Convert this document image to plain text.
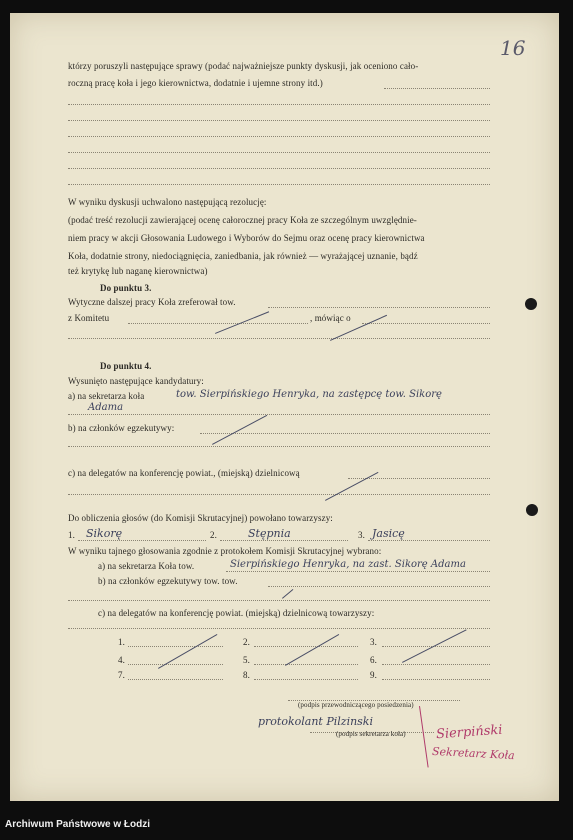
16
którzy poruszyli następujące sprawy (podać najważniejsze punkty dyskusji, jak oceniono cało-
roczną pracę koła i jego kierownictwa, dodatnie i ujemne strony itd.)
W wyniku dyskusji uchwalono następującą rezolucję:
(podać treść rezolucji zawierającej ocenę całorocznej pracy Koła ze szczególnym uwzględnie-
niem pracy w akcji Głosowania Ludowego i Wyborów do Sejmu oraz ocenę pracy kierownictwa
Koła, dodatnie strony, niedociągnięcia, zaniedbania, jak również — wyrażającej uznanie, bądź
też krytykę lub naganę kierownictwa)
Do punktu 3.
Wytyczne dalszej pracy Koła zreferował tow.
z Komitetu	, mówiąc o
Do punktu 4.
Wysunięto następujące kandydatury:
a) na sekretarza koła	tow. Sierpińskiego Henryka, na zastępcę tow. Sikorę
Adama
b) na członków egzekutywy:
c) na delegatów na konferencję powiat., (miejską) dzielnicową
Do obliczenia głosów (do Komisji Skrutacyjnej) powołano towarzyszy:
1. Sikorę	2.	Stępnia	3. Jasicę
W wyniku tajnego głosowania zgodnie z protokołem Komisji Skrutacyjnej wybrano:
a) na sekretarza Koła tow.	Sierpińskiego Henryka, na zast. Sikorę Adama
b) na członków egzekutywy tow. tow.
c) na delegatów na konferencję powiat. (miejską) dzielnicową towarzyszy:
1.	2.	3.
4.	5.	6.
7.	8.	9.
(podpis przewodniczącego posiedzenia)
protokolant Pilzinski
(podpis sekretarza koła) Sierpiński
Sekretarz Koła
Archiwum Państwowe w Łodzi
